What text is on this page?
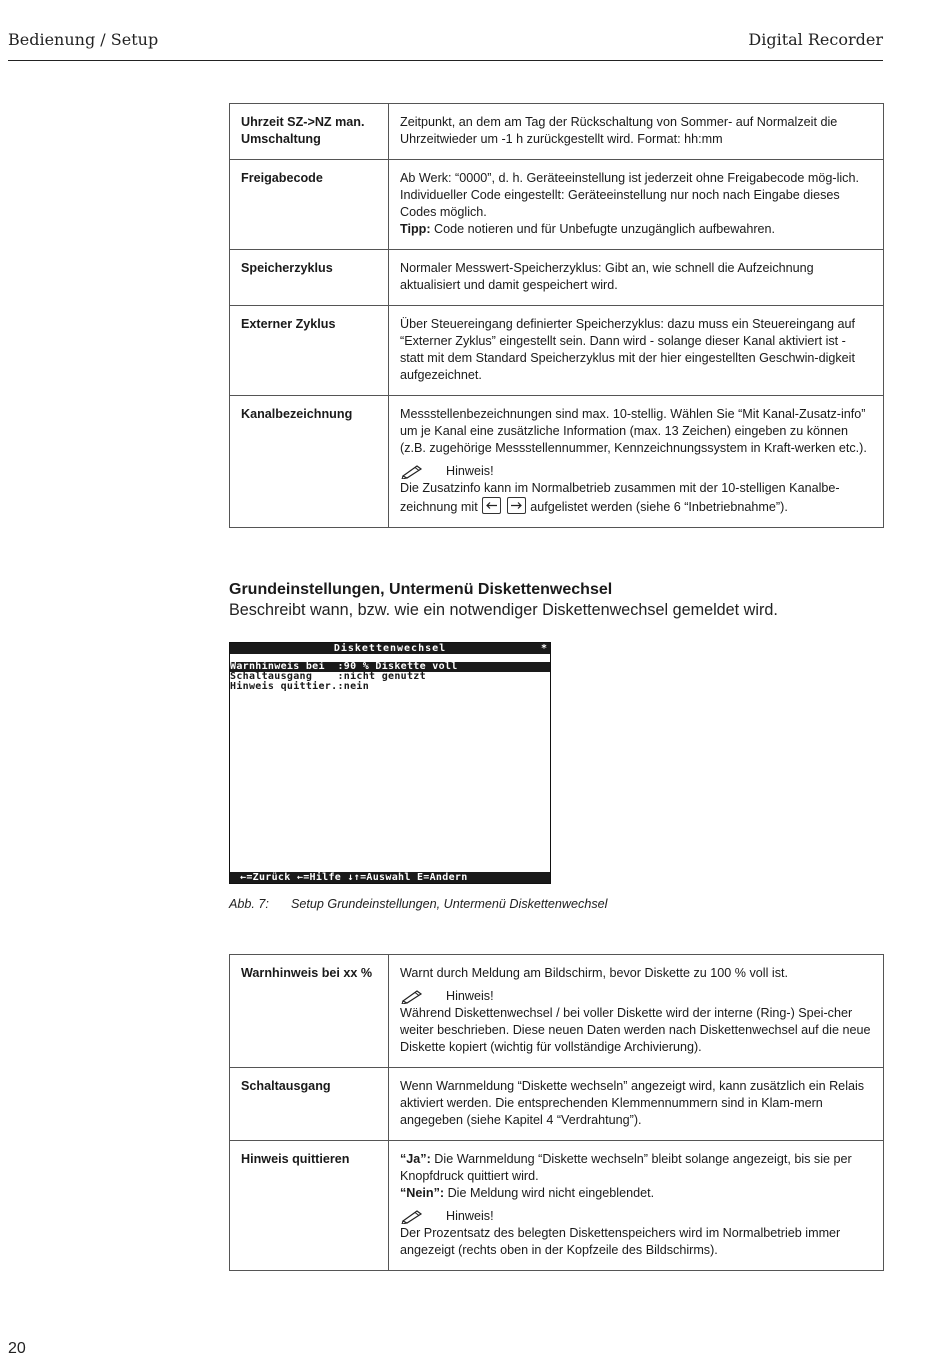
Bedienung / Setup	Digital Recorder
Uhrzeit SZ->NZ man. Umschaltung	Zeitpunkt, an dem am Tag der Rückschaltung von Sommer- auf Normalzeit die Uhrzeitwieder um -1 h zurückgestellt wird. Format: hh:mm

Freigabecode	Ab Werk: “0000”, d. h. Geräteeinstellung ist jederzeit ohne Freigabecode mög-lich.
Individueller Code eingestellt: Geräteeinstellung nur noch nach Eingabe dieses Codes möglich.
Tipp: Code notieren und für Unbefugte unzugänglich aufbewahren.

Speicherzyklus	Normaler Messwert-Speicherzyklus: Gibt an, wie schnell die Aufzeichnung aktualisiert und damit gespeichert wird.

Externer Zyklus	Über Steuereingang definierter Speicherzyklus: dazu muss ein Steuereingang auf “Externer Zyklus” eingestellt sein. Dann wird - solange dieser Kanal aktiviert ist - statt mit dem Standard Speicherzyklus mit der hier eingestellten Geschwin-digkeit aufgezeichnet.

Kanalbezeichnung	Messstellenbezeichnungen sind max. 10-stellig. Wählen Sie “Mit Kanal-Zusatz-info” um je Kanal eine zusätzliche Information (max. 13 Zeichen) eingeben zu können (z.B. zugehörige Messstellennummer, Kennzeichnungssystem in Kraft-werken etc.).
Hinweis!
Die Zusatzinfo kann im Normalbetrieb zusammen mit der 10-stelligen Kanalbe-zeichnung mit
aufgelistet werden (siehe 6 “Inbetriebnahme”).
Grundeinstellungen, Untermenü Diskettenwechsel
Beschreibt wann, bzw. wie ein notwendiger Diskettenwechsel gemeldet wird.
Diskettenwechsel	*
Warnhinweis bei  :90 % Diskette voll
Schaltausgang    :nicht genutzt
Hinweis quittier.:nein
←=Zurück ←=Hilfe ↓↑=Auswahl E=Ändern
Abb. 7: Setup Grundeinstellungen, Untermenü Diskettenwechsel
Warnhinweis bei xx %	Warnt durch Meldung am Bildschirm, bevor Diskette zu 100 % voll ist.
Hinweis!
Während Diskettenwechsel / bei voller Diskette wird der interne (Ring-) Spei-cher weiter beschrieben. Diese neuen Daten werden nach Diskettenwechsel auf die neue Diskette kopiert (wichtig für vollständige Archivierung).

Schaltausgang	Wenn Warnmeldung “Diskette wechseln” angezeigt wird, kann zusätzlich ein Relais aktiviert werden. Die entsprechenden Klemmennummern sind in Klam-mern angegeben (siehe Kapitel 4 “Verdrahtung”).

Hinweis quittieren	“Ja”: Die Warnmeldung “Diskette wechseln” bleibt solange angezeigt, bis sie per Knopfdruck quittiert wird.
“Nein”: Die Meldung wird nicht eingeblendet.
Hinweis!
Der Prozentsatz des belegten Diskettenspeichers wird im Normalbetrieb immer angezeigt (rechts oben in der Kopfzeile des Bildschirms).
20
